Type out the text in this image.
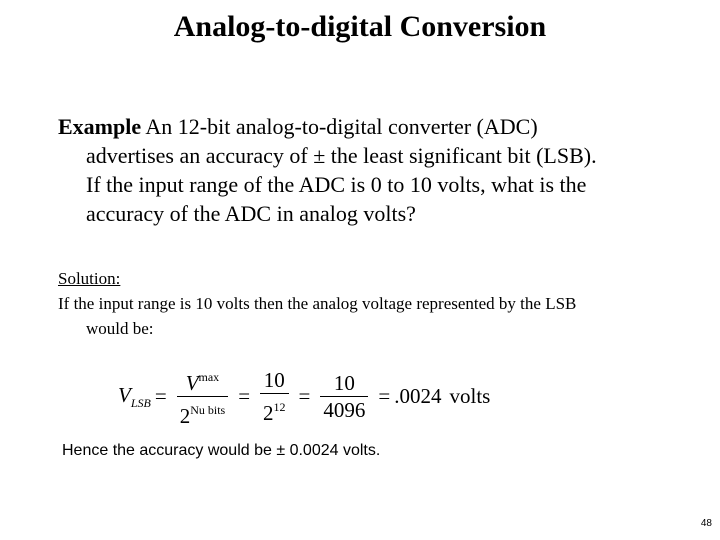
Analog-to-digital Conversion
Example An 12-bit analog-to-digital converter (ADC)
advertises an accuracy of ± the least significant bit (LSB).
If the input range of the ADC is 0 to 10 volts, what is the
accuracy of the ADC in analog volts?
Solution:
If the input range is 10 volts then the analog voltage represented by the LSB
would be:
$V_{LSB} = \frac{V^{max}}{2^{Nu bits}} = \frac{10}{2^{12}} = \frac{10}{4096} = .0024$ volts
Hence the accuracy would be ± 0.0024 volts.
48
